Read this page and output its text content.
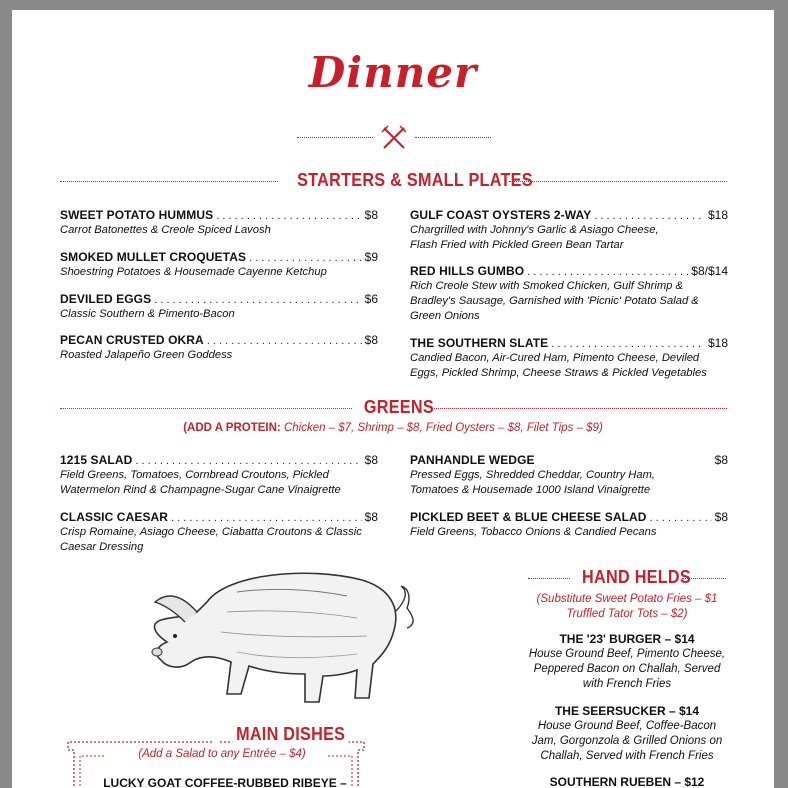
Dinner
STARTERS & SMALL PLATES
SWEET POTATO HUMMUS . . .	$8
Carrot Batonettes & Creole Spiced Lavosh
SMOKED MULLET CROQUETAS . . .	$9
Shoestring Potatoes & Housemade Cayenne Ketchup
DEVILED EGGS . . .	$6
Classic Southern & Pimento-Bacon
PECAN CRUSTED OKRA . . .	$8
Roasted Jalapeño Green Goddess
GULF COAST OYSTERS 2-WAY . . .	$18
Chargrilled with Johnny's Garlic & Asiago Cheese,
Flash Fried with Pickled Green Bean Tartar
RED HILLS GUMBO . . .	$8/$14
Rich Creole Stew with Smoked Chicken, Gulf Shrimp &
Bradley's Sausage, Garnished with 'Picnic' Potato Salad &
Green Onions
THE SOUTHERN SLATE . . .	$18
Candied Bacon, Air-Cured Ham, Pimento Cheese, Deviled
Eggs, Pickled Shrimp, Cheese Straws & Pickled Vegetables
GREENS
(ADD A PROTEIN: Chicken – $7, Shrimp – $8, Fried Oysters – $8, Filet Tips – $9)
1215 SALAD . . .	$8
Field Greens, Tomatoes, Cornbread Croutons, Pickled
Watermelon Rind & Champagne-Sugar Cane Vinaigrette
CLASSIC CAESAR . . .	$8
Crisp Romaine, Asiago Cheese, Ciabatta Croutons & Classic
Caesar Dressing
PANHANDLE WEDGE	$8
Pressed Eggs, Shredded Cheddar, Country Ham,
Tomatoes & Housemade 1000 Island Vinaigrette
PICKLED BEET & BLUE CHEESE SALAD . . .	$8
Field Greens, Tobacco Onions & Candied Pecans
HAND HELDS
(Substitute Sweet Potato Fries – $1
Truffled Tator Tots – $2)
THE '23' BURGER – $14
House Ground Beef, Pimento Cheese,
Peppered Bacon on Challah, Served
with French Fries
THE SEERSUCKER – $14
House Ground Beef, Coffee-Bacon
Jam, Gorgonzola & Grilled Onions on
Challah, Served with French Fries
SOUTHERN RUEBEN – $12
MAIN DISHES
(Add a Salad to any Entrée – $4)
LUCKY GOAT COFFEE-RUBBED RIBEYE –
